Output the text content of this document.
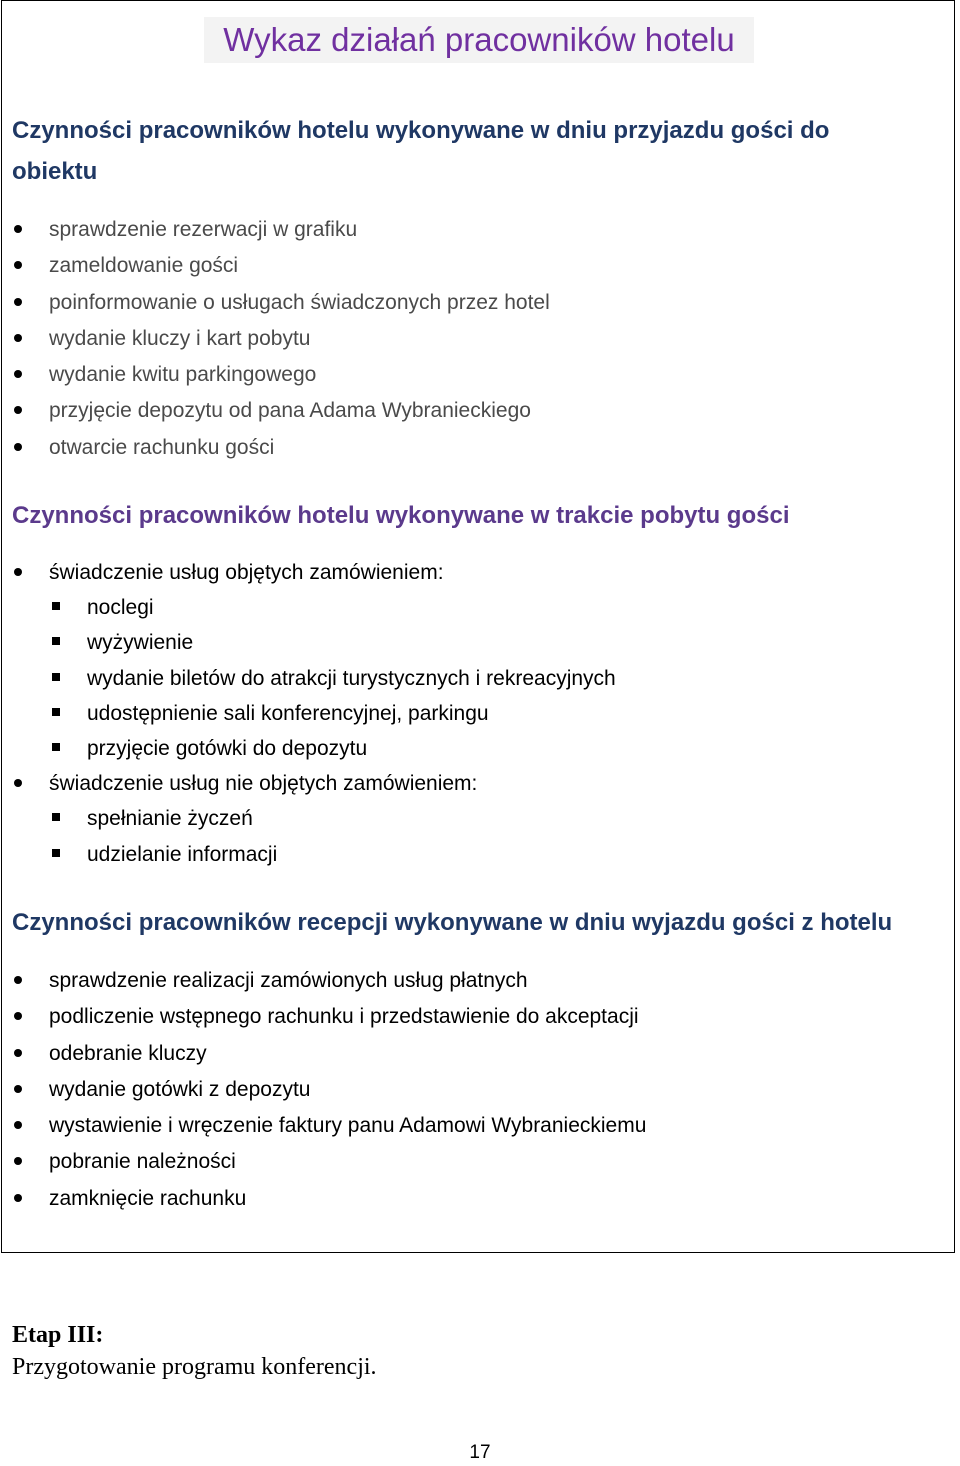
Wykaz działań pracowników hotelu
Czynności pracowników hotelu wykonywane w dniu przyjazdu gości do obiektu
sprawdzenie rezerwacji w grafiku
zameldowanie gości
poinformowanie o usługach świadczonych przez hotel
wydanie kluczy i kart pobytu
wydanie kwitu parkingowego
przyjęcie depozytu od pana Adama Wybranieckiego
otwarcie rachunku gości
Czynności pracowników hotelu wykonywane w trakcie pobytu gości
świadczenie usług objętych zamówieniem:
noclegi
wyżywienie
wydanie biletów do atrakcji turystycznych i rekreacyjnych
udostępnienie sali konferencyjnej, parkingu
przyjęcie gotówki do depozytu
świadczenie usług nie objętych zamówieniem:
spełnianie życzeń
udzielanie informacji
Czynności pracowników recepcji wykonywane w dniu wyjazdu gości z hotelu
sprawdzenie realizacji zamówionych usług płatnych
podliczenie wstępnego rachunku i przedstawienie do akceptacji
odebranie kluczy
wydanie gotówki z depozytu
wystawienie i wręczenie faktury panu Adamowi Wybranieckiemu
pobranie należności
zamknięcie rachunku
Etap III:
Przygotowanie programu konferencji.
17
